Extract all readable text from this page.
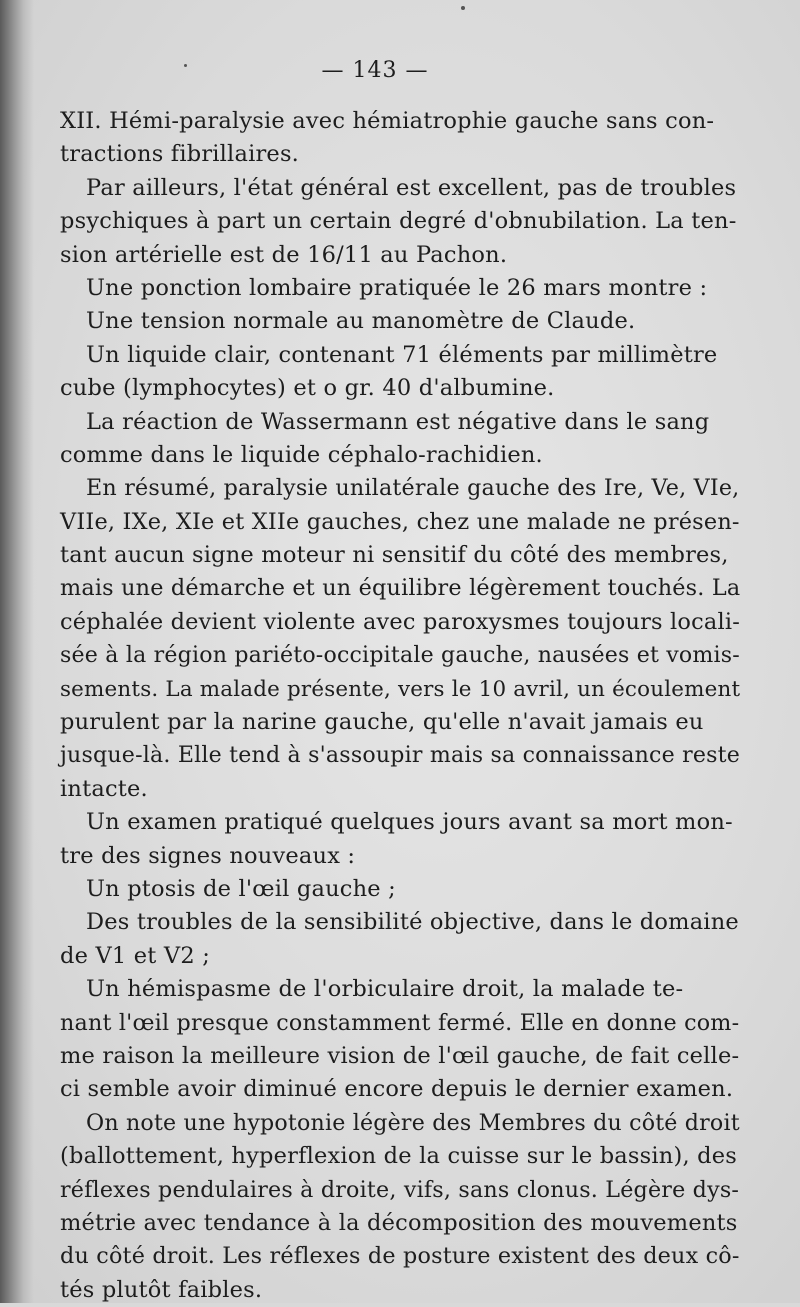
— 143 —
XII. Hémi-paralysie avec hémiatrophie gauche sans con-
tractions fibrillaires.
Par ailleurs, l'état général est excellent, pas de troubles
psychiques à part un certain degré d'obnubilation. La ten-
sion artérielle est de 16/11 au Pachon.
Une ponction lombaire pratiquée le 26 mars montre :
Une tension normale au manomètre de Claude.
Un liquide clair, contenant 71 éléments par millimètre
cube (lymphocytes) et o gr. 40 d'albumine.
La réaction de Wassermann est négative dans le sang
comme dans le liquide céphalo-rachidien.
En résumé, paralysie unilatérale gauche des Ire, Ve, VIe,
VIIe, IXe, XIe et XIIe gauches, chez une malade ne présen-
tant aucun signe moteur ni sensitif du côté des membres,
mais une démarche et un équilibre légèrement touchés. La
céphalée devient violente avec paroxysmes toujours locali-
sée à la région pariéto-occipitale gauche, nausées et vomis-
sements. La malade présente, vers le 10 avril, un écoulement
purulent par la narine gauche, qu'elle n'avait jamais eu
jusque-là. Elle tend à s'assoupir mais sa connaissance reste
intacte.
Un examen pratiqué quelques jours avant sa mort mon-
tre des signes nouveaux :
Un ptosis de l'œil gauche ;
Des troubles de la sensibilité objective, dans le domaine
de V1 et V2 ;
Un hémispasme de l'orbiculaire droit, la malade te-
nant l'œil presque constamment fermé. Elle en donne com-
me raison la meilleure vision de l'œil gauche, de fait celle-
ci semble avoir diminué encore depuis le dernier examen.
On note une hypotonie légère des Membres du côté droit
(ballottement, hyperflexion de la cuisse sur le bassin), des
réflexes pendulaires à droite, vifs, sans clonus. Légère dys-
métrie avec tendance à la décomposition des mouvements
du côté droit. Les réflexes de posture existent des deux cô-
tés plutôt faibles.
